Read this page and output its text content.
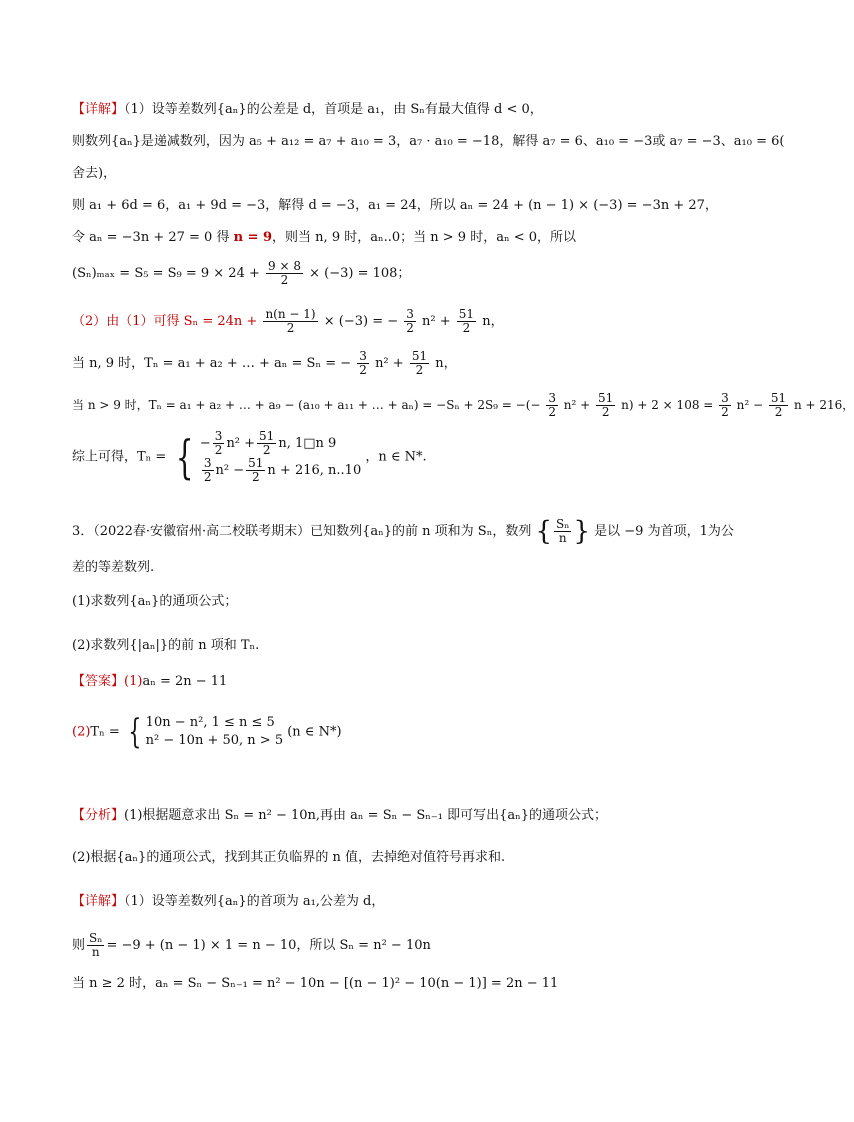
【详解】（1）设等差数列{aₙ}的公差是 d，首项是 a₁，由 Sₙ有最大值得 d < 0，
则数列{aₙ}是递减数列，因为 a₅ + a₁₂ = a₇ + a₁₀ = 3，a₇ · a₁₀ = −18，解得 a₇ = 6、a₁₀ = −3或 a₇ = −3、a₁₀ = 6(
舍去)，
则 a₁ + 6d = 6，a₁ + 9d = −3，解得 d = −3，a₁ = 24，所以 aₙ = 24 + (n − 1) × (−3) = −3n + 27，
令 aₙ = −3n + 27 = 0 得 n = 9，则当 n, 9 时，aₙ..0；当 n > 9 时，aₙ < 0，所以
$(S_n)_{max} = S_5 = S_9 = 9 \times 24 + \frac{9 \times 8}{2} \times (-3) = 108$；
（2）由（1）可得 $S_n = 24n + \frac{n(n - 1)}{2} \times (-3)$ = − $\frac{3}{2} n^2 + \frac{51}{2}$ n，
当 n, 9 时，Tₙ = a₁ + a₂ + … + aₙ = Sₙ = − $\frac{3}{2} n^2 + \frac{51}{2}$ n，
当 n > 9 时，Tₙ = a₁ + a₂ + … + a₉ − (a₁₀ + a₁₁ + … + aₙ) = −Sₙ + 2S₉ = −(− $\frac{3}{2} n^2 + \frac{51}{2} n) + 2 \times 108 = \frac{3}{2} n^2 - \frac{51}{2}$ n + 216，
综上可得，Tₙ = { − $\frac{3}{2} n^2 + \frac{51}{2} n$, 1□n 9
$\frac{3}{2} n^2 - \frac{51}{2}$ n + 216, n..10
，n ∈ N*.
3．（2022春·安徽宿州·高二校联考期末）已知数列{aₙ}的前 n 项和为 Sₙ，数列 { $\frac{\text{Sₙ}}{n}$ } 是以 −9 为首项，1为公
差的等差数列.
(1)求数列{aₙ}的通项公式；
(2)求数列{|aₙ|}的前 n 项和 Tₙ.
【答案】(1)aₙ = 2n − 11
(2)Tₙ = { 10n − n², 1 ≤ n ≤ 5
n² − 10n + 50, n > 5
(n ∈ N*)
【分析】(1)根据题意求出 Sₙ = n² − 10n,再由 aₙ = Sₙ − Sₙ₋₁ 即可写出{aₙ}的通项公式；
(2)根据{aₙ}的通项公式，找到其正负临界的 n 值，去掉绝对值符号再求和.
【详解】（1）设等差数列{aₙ}的首项为 a₁,公差为 d，
则 $\frac{\text{Sₙ}}{n} = -9 + (n - 1) \times 1 = n - 10$，所以 Sₙ = n² − 10n
当 n ≥ 2 时，aₙ = Sₙ − Sₙ₋₁ = n² − 10n − [(n − 1)² − 10(n − 1)] = 2n − 11
